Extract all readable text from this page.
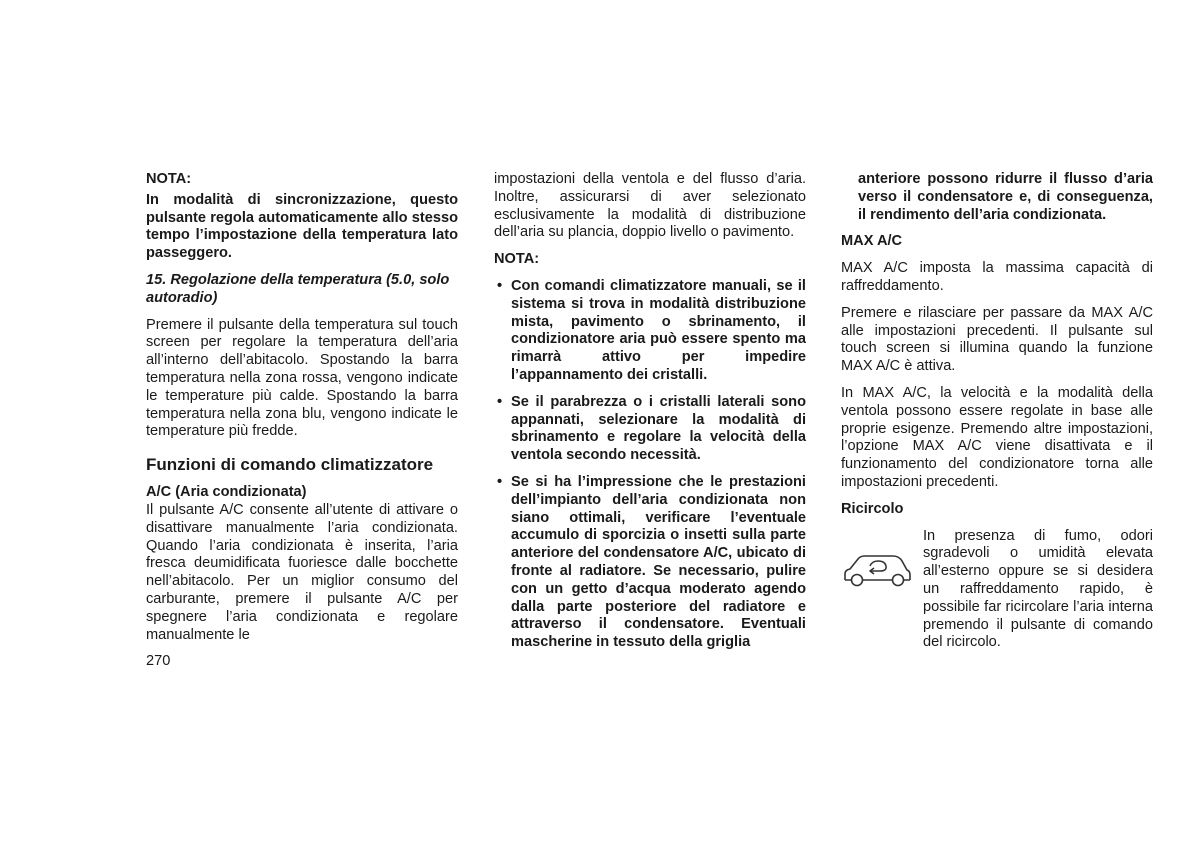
NOTA:

In modalità di sincronizzazione, questo pulsante regola automaticamente allo stesso tempo l’impostazione della temperatura lato passeggero.

15. Regolazione della temperatura (5.0, solo autoradio)

Premere il pulsante della temperatura sul touch screen per regolare la temperatura dell’aria all’interno dell’abitacolo. Spostando la barra temperatura nella zona rossa, vengono indicate le temperature più calde. Spostando la barra temperatura nella zona blu, vengono indicate le temperature più fredde.

Funzioni di comando climatizzatore

A/C (Aria condizionata)

Il pulsante A/C consente all’utente di attivare o disattivare manualmente l’aria condizionata. Quando l’aria condizionata è inserita, l’aria fresca deumidificata fuoriesce dalle bocchette nell’abitacolo. Per un miglior consumo del carburante, premere il pulsante A/C per spegnere l’aria condizionata e regolare manualmente le

impostazioni della ventola e del flusso d’aria. Inoltre, assicurarsi di aver selezionato esclusivamente la modalità di distribuzione dell’aria su plancia, doppio livello o pavimento.

NOTA:

• Con comandi climatizzatore manuali, se il sistema si trova in modalità distribuzione mista, pavimento o sbrinamento, il condizionatore aria può essere spento ma rimarrà attivo per impedire l’appannamento dei cristalli.
• Se il parabrezza o i cristalli laterali sono appannati, selezionare la modalità di sbrinamento e regolare la velocità della ventola secondo necessità.
• Se si ha l’impressione che le prestazioni dell’impianto dell’aria condizionata non siano ottimali, verificare l’eventuale accumulo di sporcizia o insetti sulla parte anteriore del condensatore A/C, ubicato di fronte al radiatore. Se necessario, pulire con un getto d’acqua moderato agendo dalla parte posteriore del radiatore e attraverso il condensatore. Eventuali mascherine in tessuto della griglia

anteriore possono ridurre il flusso d’aria verso il condensatore e, di conseguenza, il rendimento dell’aria condizionata.

MAX A/C

MAX A/C imposta la massima capacità di raffreddamento.

Premere e rilasciare per passare da MAX A/C alle impostazioni precedenti. Il pulsante sul touch screen si illumina quando la funzione MAX A/C è attiva.

In MAX A/C, la velocità e la modalità della ventola possono essere regolate in base alle proprie esigenze. Premendo altre impostazioni, l’opzione MAX A/C viene disattivata e il funzionamento del condizionatore torna alle impostazioni precedenti.

Ricircolo

In presenza di fumo, odori sgradevoli o umidità elevata all’esterno oppure se si desidera un raffreddamento rapido, è possibile far ricircolare l’aria interna premendo il pulsante di comando del ricircolo.

270
